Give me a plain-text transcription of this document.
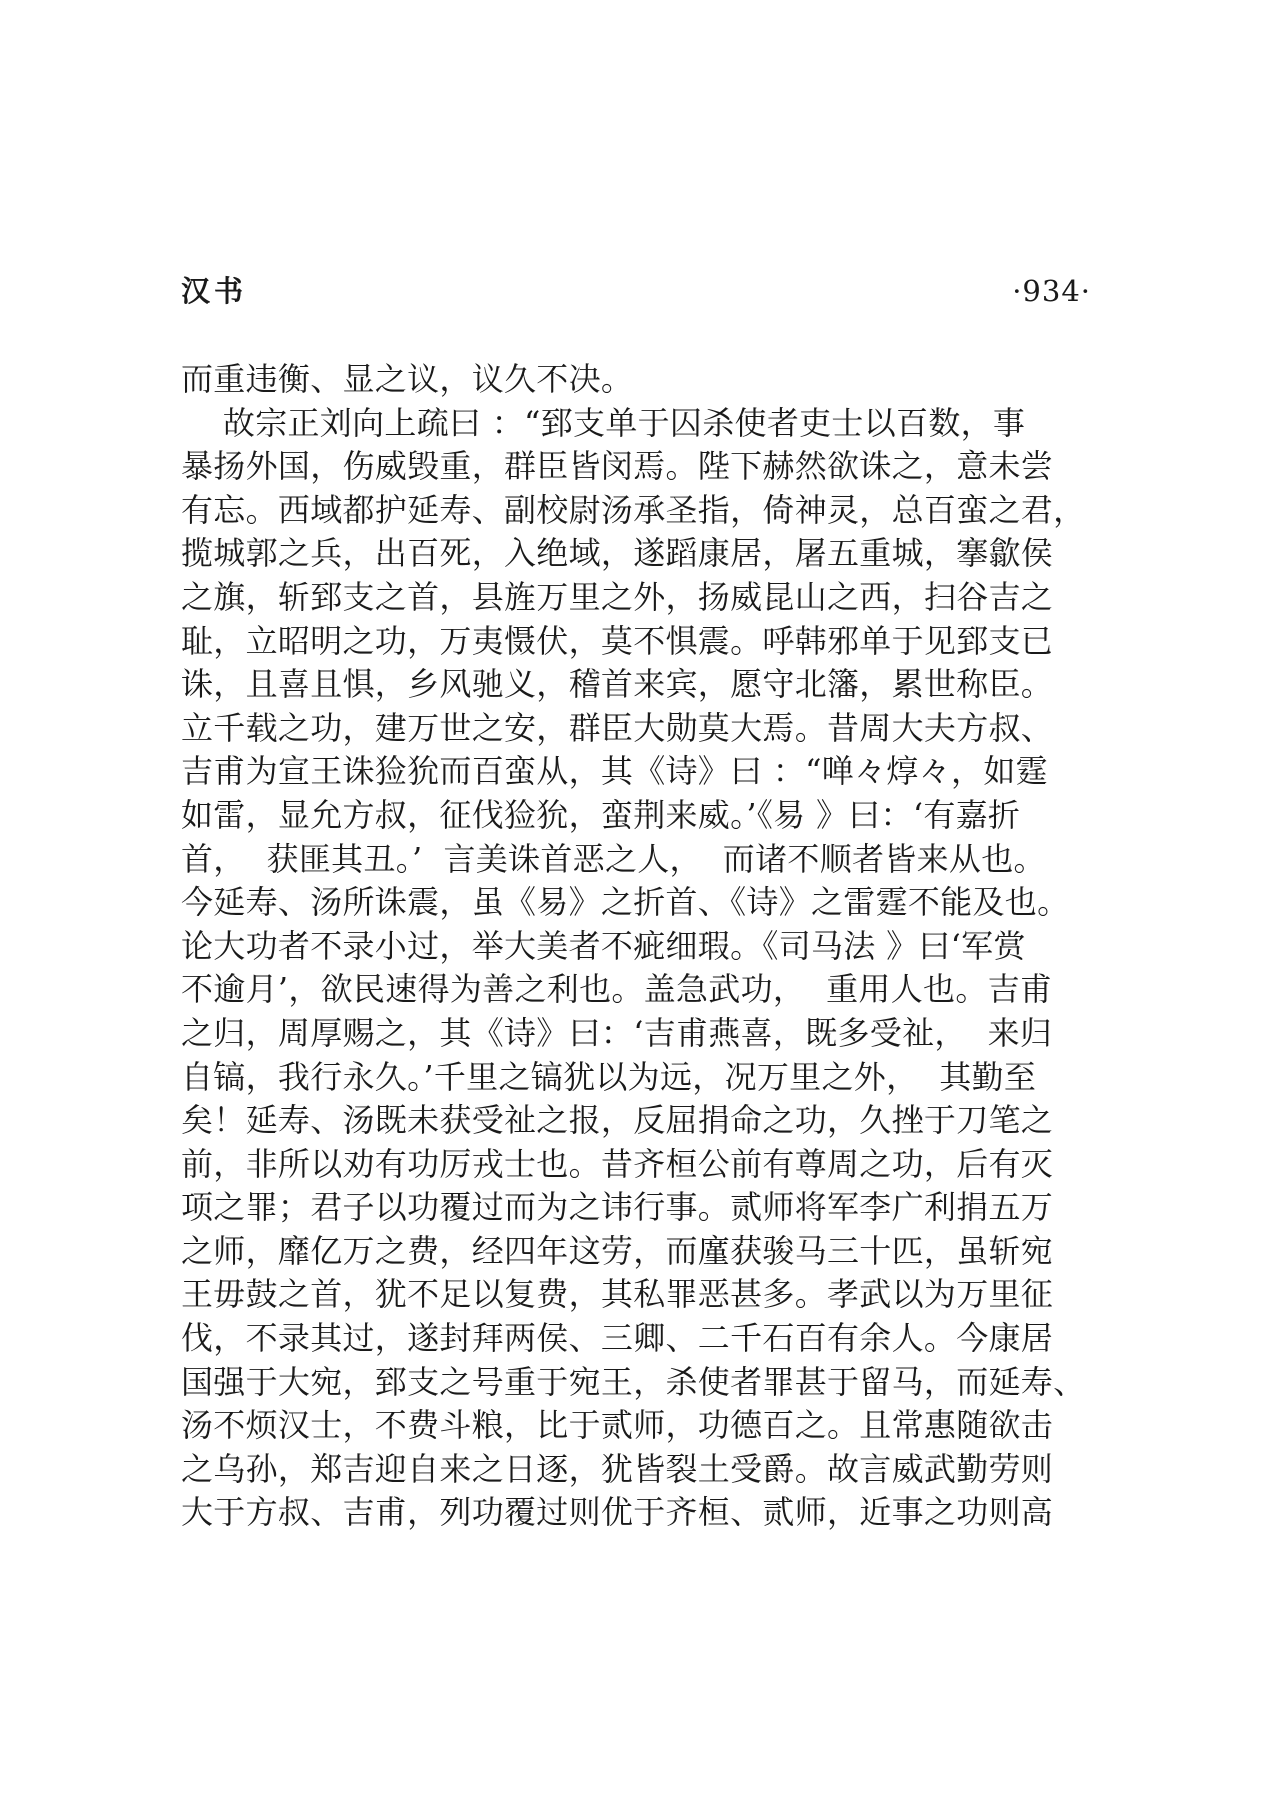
汉书	·934·
而重违衡、显之议，议久不决。
故宗正刘向上疏曰 ：“郅支单于囚杀使者吏士以百数，事
暴扬外国，伤威毁重，群臣皆闵焉。陛下赫然欲诛之，意未尝
有忘。西域都护延寿、副校尉汤承圣指，倚神灵，总百蛮之君，
揽城郭之兵，出百死，入绝域，遂蹈康居，屠五重城，搴歙侯
之旗，斩郅支之首，县旌万里之外，扬威昆山之西，扫谷吉之
耻，立昭明之功，万夷慑伏，莫不惧震。呼韩邪单于见郅支已
诛，且喜且惧，乡风驰义，稽首来宾，愿守北籓，累世称臣。
立千载之功，建万世之安，群臣大勋莫大焉。昔周大夫方叔、
吉甫为宣王诛猃狁而百蛮从，其《诗》曰 ：“啴々焞々，如霆
如雷，显允方叔，征伐猃狁，蛮荆来威。’《易 》曰：‘有嘉折
首，  获匪其丑。’  言美诛首恶之人，  而诸不顺者皆来从也。
今延寿、汤所诛震，虽《易》之折首、《诗》之雷霆不能及也。
论大功者不录小过，举大美者不疵细瑕。《司马法 》曰‘军赏
不逾月’，欲民速得为善之利也。盖急武功，  重用人也。吉甫
之归，周厚赐之，其《诗》曰：‘吉甫燕喜，既多受祉，  来归
自镐，我行永久。’千里之镐犹以为远，况万里之外，  其勤至
矣！延寿、汤既未获受祉之报，反屈捐命之功，久挫于刀笔之
前，非所以劝有功厉戎士也。昔齐桓公前有尊周之功，后有灭
项之罪；君子以功覆过而为之讳行事。贰师将军李广利捐五万
之师，靡亿万之费，经四年这劳，而廑获骏马三十匹，虽斩宛
王毋鼓之首，犹不足以复费，其私罪恶甚多。孝武以为万里征
伐，不录其过，遂封拜两侯、三卿、二千石百有余人。今康居
国强于大宛，郅支之号重于宛王，杀使者罪甚于留马，而延寿、
汤不烦汉士，不费斗粮，比于贰师，功德百之。且常惠随欲击
之乌孙，郑吉迎自来之日逐，犹皆裂土受爵。故言威武勤劳则
大于方叔、吉甫，列功覆过则优于齐桓、贰师，近事之功则高
